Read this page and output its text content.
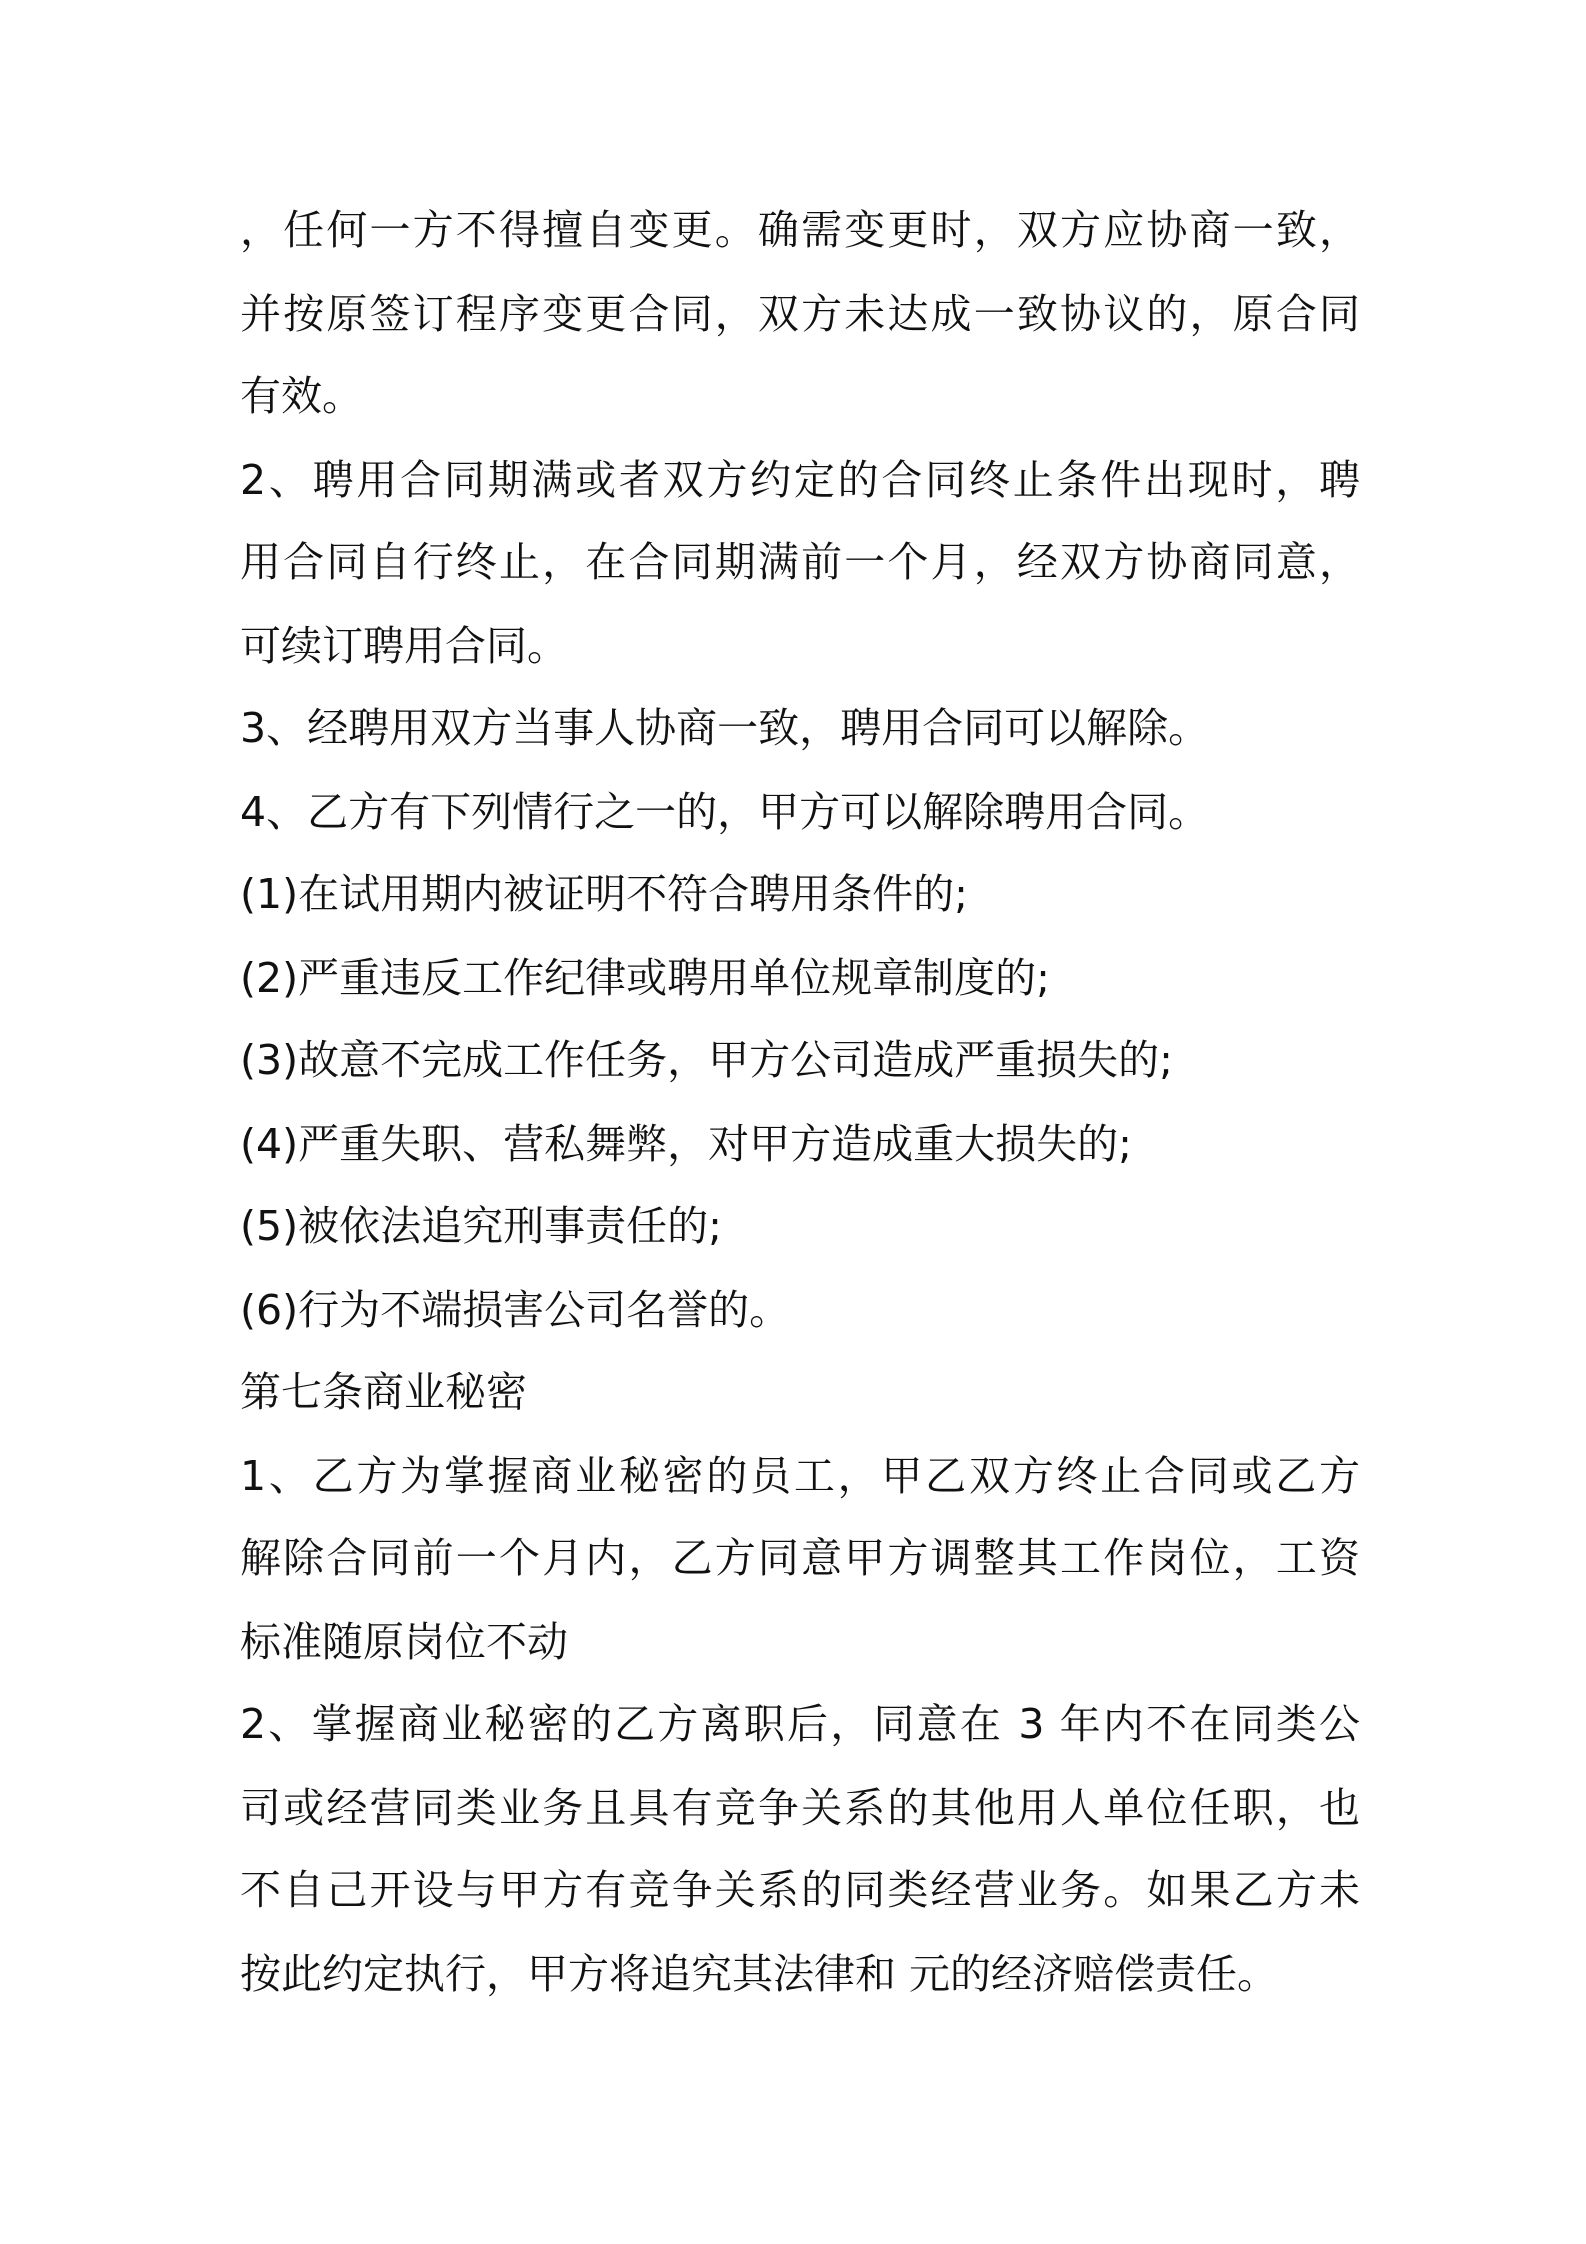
，任何一方不得擅自变更。确需变更时，双方应协商一致，

并按原签订程序变更合同，双方未达成一致协议的，原合同

有效。

2、聘用合同期满或者双方约定的合同终止条件出现时，聘

用合同自行终止，在合同期满前一个月，经双方协商同意，

可续订聘用合同。

3、经聘用双方当事人协商一致，聘用合同可以解除。

4、乙方有下列情行之一的，甲方可以解除聘用合同。

(1)在试用期内被证明不符合聘用条件的;

(2)严重违反工作纪律或聘用单位规章制度的;

(3)故意不完成工作任务，甲方公司造成严重损失的;

(4)严重失职、营私舞弊，对甲方造成重大损失的;

(5)被依法追究刑事责任的;

(6)行为不端损害公司名誉的。

第七条商业秘密

1、乙方为掌握商业秘密的员工，甲乙双方终止合同或乙方

解除合同前一个月内，乙方同意甲方调整其工作岗位，工资

标准随原岗位不动

2、掌握商业秘密的乙方离职后，同意在 3 年内不在同类公

司或经营同类业务且具有竞争关系的其他用人单位任职，也

不自己开设与甲方有竞争关系的同类经营业务。如果乙方未

按此约定执行，甲方将追究其法律和 元的经济赔偿责任。
